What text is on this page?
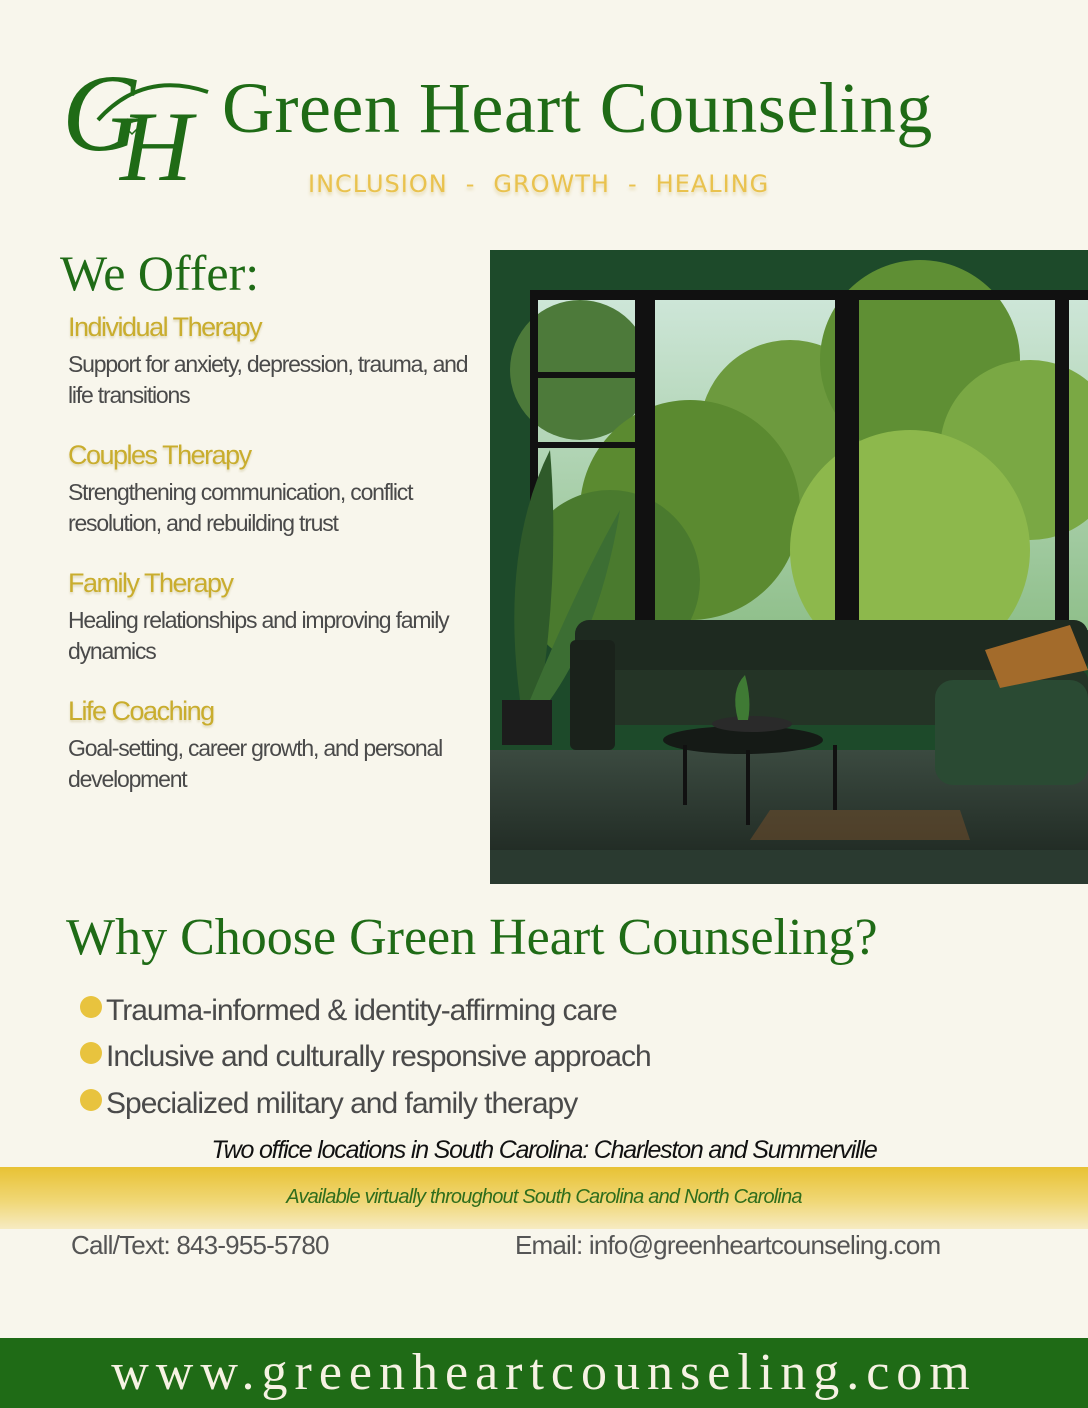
G
H Green Heart Counseling
INCLUSION - GROWTH - HEALING
We Offer:
Individual Therapy
Support for anxiety, depression, trauma, and life transitions
Couples Therapy
Strengthening communication, conflict resolution, and rebuilding trust
Family Therapy
Healing relationships and improving family dynamics
Life Coaching
Goal-setting, career growth, and personal development
Why Choose Green Heart Counseling?
Trauma-informed & identity-affirming care
Inclusive and culturally responsive approach
Specialized military and family therapy
Two office locations in South Carolina: Charleston and Summerville
Available virtually throughout South Carolina and North Carolina
Call/Text: 843-955-5780	Email: info@greenheartcounseling.com
www.greenheartcounseling.com
